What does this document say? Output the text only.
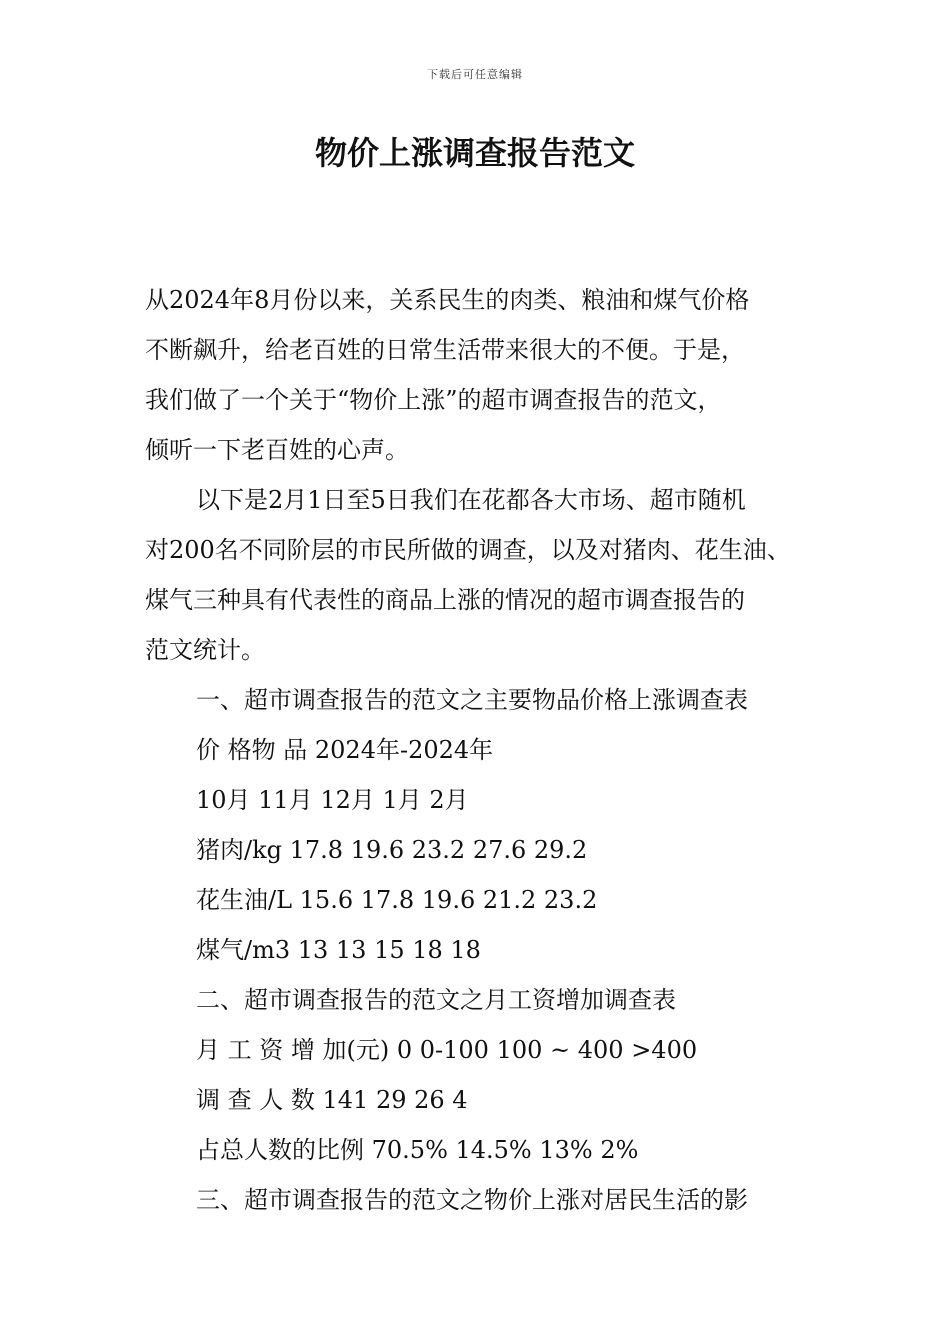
下载后可任意编辑
物价上涨调查报告范文
从2024年8月份以来，关系民生的肉类、粮油和煤气价格
不断飙升，给老百姓的日常生活带来很大的不便。于是，
我们做了一个关于“物价上涨”的超市调查报告的范文，
倾听一下老百姓的心声。
以下是2月1日至5日我们在花都各大市场、超市随机
对200名不同阶层的市民所做的调查，以及对猪肉、花生油、
煤气三种具有代表性的商品上涨的情况的超市调查报告的
范文统计。
一、超市调查报告的范文之主要物品价格上涨调查表
价 格物 品 2024年-2024年
10月 11月 12月 1月 2月
猪肉/kg 17.8 19.6 23.2 27.6 29.2
花生油/L 15.6 17.8 19.6 21.2 23.2
煤气/m3 13 13 15 18 18
二、超市调查报告的范文之月工资增加调查表
月 工 资 增 加(元) 0 0-100 100 ~ 400 >400
调 查 人 数 141 29 26 4
占总人数的比例 70.5% 14.5% 13% 2%
三、超市调查报告的范文之物价上涨对居民生活的影
